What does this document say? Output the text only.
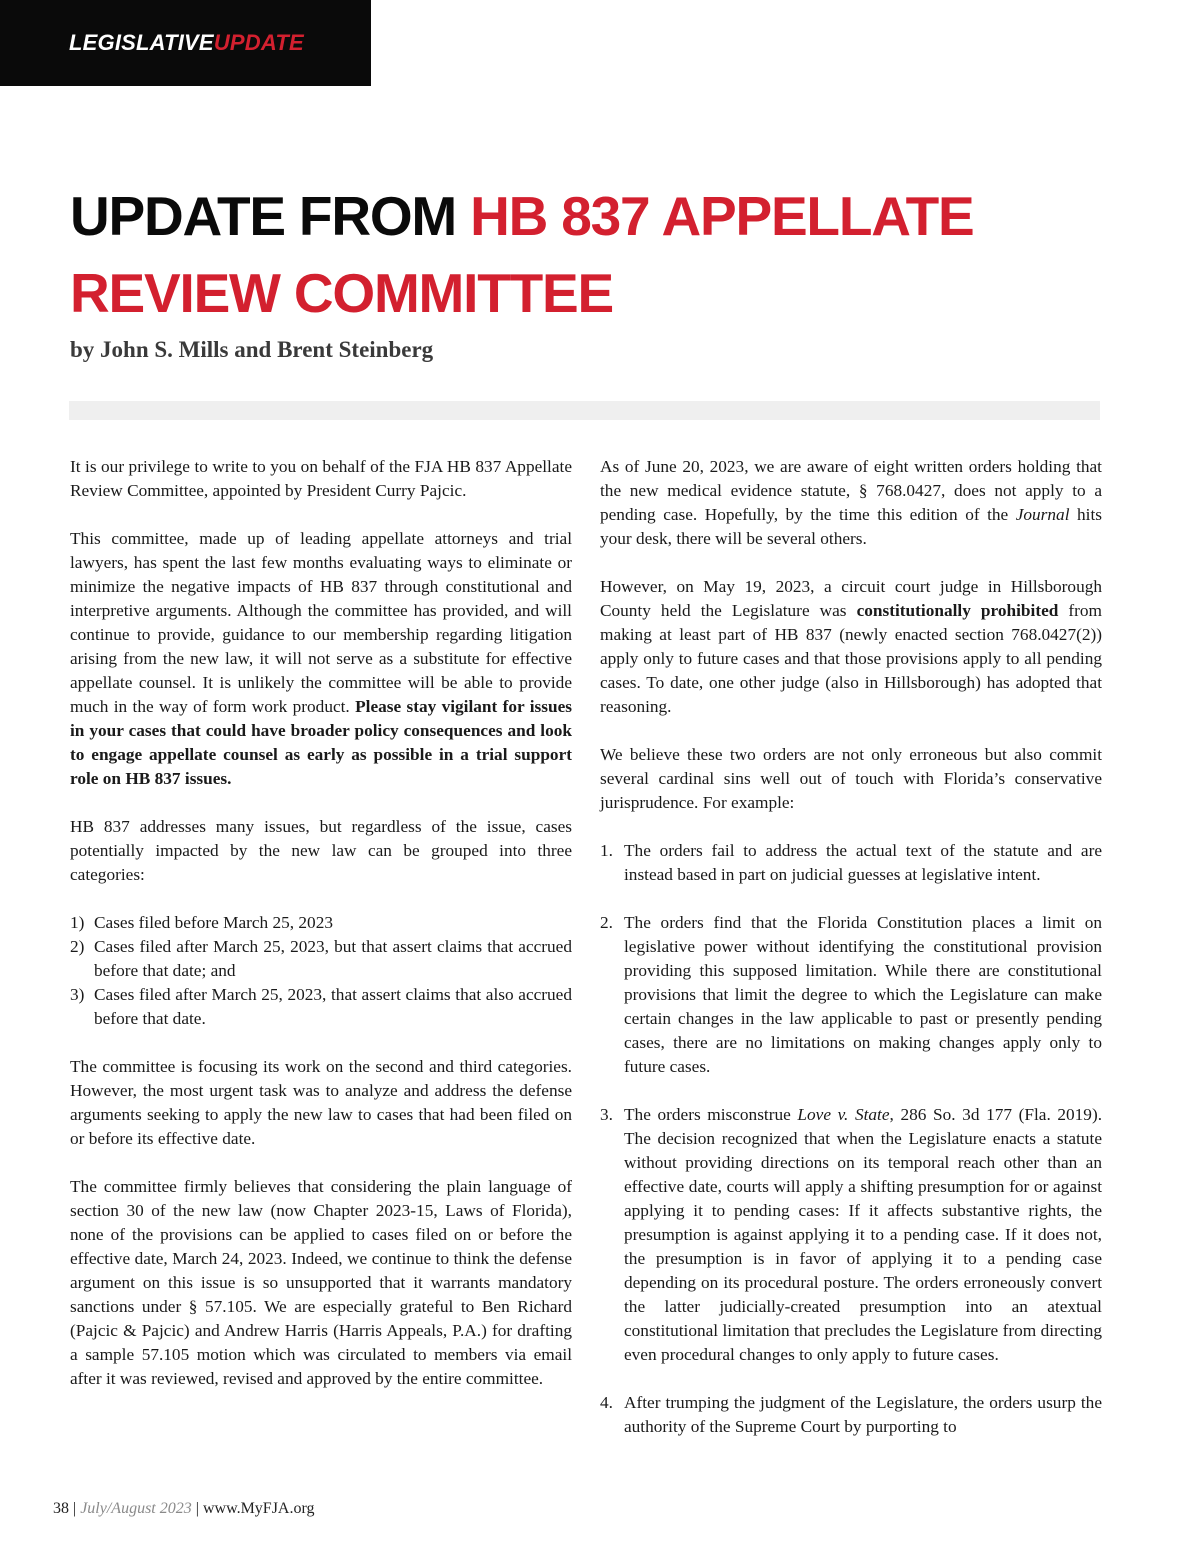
LEGISLATIVEUPDATE
UPDATE FROM HB 837 APPELLATE REVIEW COMMITTEE

by John S. Mills and Brent Steinberg

It is our privilege to write to you on behalf of the FJA HB 837 Appellate Review Committee, appointed by President Curry Pajcic.

This committee, made up of leading appellate attorneys and trial lawyers, has spent the last few months evaluating ways to eliminate or minimize the negative impacts of HB 837 through constitutional and interpretive arguments. Although the committee has provided, and will continue to provide, guidance to our membership regarding litigation arising from the new law, it will not serve as a substitute for effective appellate counsel. It is unlikely the committee will be able to provide much in the way of form work product. Please stay vigilant for issues in your cases that could have broader policy consequences and look to engage appellate counsel as early as possible in a trial support role on HB 837 issues.

HB 837 addresses many issues, but regardless of the issue, cases potentially impacted by the new law can be grouped into three categories:

1) Cases filed before March 25, 2023
2) Cases filed after March 25, 2023, but that assert claims that accrued before that date; and
3) Cases filed after March 25, 2023, that assert claims that also accrued before that date.

The committee is focusing its work on the second and third categories. However, the most urgent task was to analyze and address the defense arguments seeking to apply the new law to cases that had been filed on or before its effective date.

The committee firmly believes that considering the plain language of section 30 of the new law (now Chapter 2023-15, Laws of Florida), none of the provisions can be applied to cases filed on or before the effective date, March 24, 2023. Indeed, we continue to think the defense argument on this issue is so unsupported that it warrants mandatory sanctions under § 57.105. We are especially grateful to Ben Richard (Pajcic & Pajcic) and Andrew Harris (Harris Appeals, P.A.) for drafting a sample 57.105 motion which was circulated to members via email after it was reviewed, revised and approved by the entire committee.

As of June 20, 2023, we are aware of eight written orders holding that the new medical evidence statute, § 768.0427, does not apply to a pending case. Hopefully, by the time this edition of the Journal hits your desk, there will be several others.

However, on May 19, 2023, a circuit court judge in Hillsborough County held the Legislature was constitutionally prohibited from making at least part of HB 837 (newly enacted section 768.0427(2)) apply only to future cases and that those provisions apply to all pending cases. To date, one other judge (also in Hillsborough) has adopted that reasoning.

We believe these two orders are not only erroneous but also commit several cardinal sins well out of touch with Florida’s conservative jurisprudence. For example:

1. The orders fail to address the actual text of the statute and are instead based in part on judicial guesses at legislative intent.
2. The orders find that the Florida Constitution places a limit on legislative power without identifying the constitutional provision providing this supposed limitation. While there are constitutional provisions that limit the degree to which the Legislature can make certain changes in the law applicable to past or presently pending cases, there are no limitations on making changes apply only to future cases.
3. The orders misconstrue Love v. State, 286 So. 3d 177 (Fla. 2019). The decision recognized that when the Legislature enacts a statute without providing directions on its temporal reach other than an effective date, courts will apply a shifting presumption for or against applying it to pending cases: If it affects substantive rights, the presumption is against applying it to a pending case. If it does not, the presumption is in favor of applying it to a pending case depending on its procedural posture. The orders erroneously convert the latter judicially-created presumption into an atextual constitutional limitation that precludes the Legislature from directing even procedural changes to only apply to future cases.
4. After trumping the judgment of the Legislature, the orders usurp the authority of the Supreme Court by purporting to
38 | July/August 2023 | www.MyFJA.org
